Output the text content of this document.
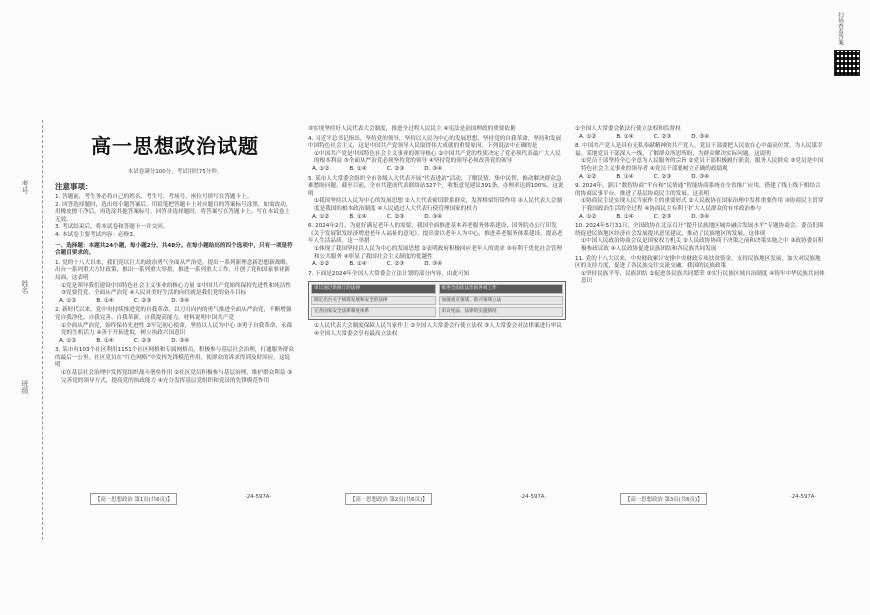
考号
姓名
班级
高一思想政治试题
本试卷满分100分，考试用时75分钟。
注意事项：

1. 答题前，考生务必将自己的姓名、考生号、考场号、座位号填写在答题卡上。

2. 回答选择题时，选出每小题答案后，用铅笔把答题卡上对应题目的答案标号涂黑。如需改动，用橡皮擦干净后，再选涂其他答案标号。回答非选择题时，将答案写在答题卡上。写在本试卷上无效。

3. 考试结束后，将本试卷和答题卡一并交回。

4. 本试卷主要考试内容：必修3。

一、选择题：本题共24小题，每小题2分，共48分。在每小题给出的四个选项中，只有一项是符合题目要求的。

1. 党的十八大以来，我们党以巨大的政治勇气全面从严治党，提出一系列新理念新思想新战略，出台一系列重大方针政策，推出一系列重大举措，推进一系列重大工作，开创了党和国家事业新局面。这表明

①党是领导我们建设中国特色社会主义事业的核心力量 ②中国共产党始终保持先进性和纯洁性 ③党要管党、全面从严治党 ④人民对美好生活的向往就是我们党的奋斗目标

A. ①②	B. ①④	C. ②③	D. ③④

2. 新时代以来，党中央持续推进党的自我革命，以刀刃向内的勇气推进全面从严治党，不断增强党自我净化、自我完善、自我革新、自我提高能力。材料说明中国共产党

①全面从严治党，始终保持先进性 ②牢记初心使命，坚持以人民为中心 ③勇于自我革命，永葆党的生机活力 ④善于开拓进取，树立执政兴国意识

A. ①②	B. ①④	C. ②③	D. ③④

3. 某市有103个社区利用1151个社区网格和专属网格员，积极参与基层社会治理，打通服务群众的最后一公里。社区党员在“红色网格”中发挥先锋模范作用，使群众的诉求得到及时回应。这说明

①在基层社会治理中发挥党组织战斗堡垒作用 ②社区党员积极参与基层治理，维护群众利益 ③完善党的领导方式，提高党的执政能力 ④充分发挥基层党组织和党员的先锋模范作用

③实现坚持好人民代表大会制度，推进全过程人民民主 ④宪法是治国理政的重要依据

4. 习近平总书记指出，坚持党的领导，坚持以人民为中心的发展思想，坚持党的自我革命，坚持和发展中国特色社会主义，这是中国共产党领导人民取得伟大成就的重要原因。下列说法中正确的是

①中国共产党是中国特色社会主义事业的领导核心 ②中国共产党的性质决定了党必须代表最广大人民的根本利益 ③全面从严治党必须坚持党的领导 ④坚持党的领导必须改善党的领导

A. ①②	B. ①④	C. ②③	D. ③④

5. 某市人大常委会组织全市各级人大代表开展“代表进站”活动，了解民情、集中民智，推动解决群众急难愁盼问题。截至目前，全市共建成代表联络站327个，收集意见建议391条，办理率达到100%。这说明

①我国坚持以人民为中心的发展思想 ②人大代表密切联系群众，发挥桥梁纽带作用 ③人民代表大会制度是我国的根本政治制度 ④人民通过人大代表行使管理国家的权力

A. ①②	B. ①④	C. ②③	D. ③④

6. 2024年2月，为更好满足老年人的需要，我国全面推进基本养老服务体系建设，国务院办公厅印发《关于发展银发经济增进老年人福祉的意见》，提出要以老年人为中心，推进养老服务体系建设，提高老年人生活品质。这一举措

①体现了我国坚持以人民为中心的发展思想 ②表明政府积极回应老年人的需求 ③有利于优化社会管理和公共服务 ④彰显了我国社会主义制度的优越性

A. ①②	B. ①④	C. ②③	D. ③④

7. 下面是2024年全国人大常委会立法计划的部分内容，由此可知

审议通过新修订的法律
制定出台关于统筹发展和安全的法律
完善国家安全法律制度体系
推进全面依法治国各项工作
加强重点领域、新兴领域立法
审议宪法、法律的实施情况

①人民代表大会制度保障人民当家作主 ②全国人大常委会行使立法权 ③人大常委会对法律案进行审议 ④全国人大常委会享有最高立法权

①全国人大常委会依法行使立法权和监督权

A. ①②	B. ①④	C. ②③	D. ③④

8. 中国共产党人是具有无私奉献精神的共产党人。党员干部要把人民放在心中最高位置，为人民谋幸福。某地党员干部深入一线，了解群众所思所盼，为群众解决实际问题。这说明

①党员干部坚持全心全意为人民服务的宗旨 ②党员干部积极履行职责，服务人民群众 ③党员是中国特色社会主义事业的领导者 ④党员干部要树立正确的政绩观

A. ①②	B. ①④	C. ②③	D. ③④

9. 2024年，浙江“数智协商”平台和“民情通”智能协商系统在全省推广应用，搭建了线上线下相结合的协商议事平台，推进了基层协商民主的发展。这表明

①协商民主是实现人民当家作主的重要形式 ②人民政协在国家治理中发挥重要作用 ③协商民主贯穿于我国政治生活的全过程 ④协商民主有利于扩大人民群众的有序政治参与

A. ①②	B. ①④	C. ②③	D. ③④

10. 2024年5月31日，全国政协在北京召开“提升民族地区城乡融合发展水平”专题协商会。委员们围绕促进民族地区经济社会发展提出意见建议，推动了民族地区的发展。这体现

①中国人民政治协商会议是国家权力机关 ②人民政协协商于决策之前和决策实施之中 ③政协委员积极参政议政 ④人民政协促进民族团结和各民族共同发展

11. 党的十八大以来，中央财政累计安排中央财政专项扶贫资金，支持民族地区发展，加大对民族地区的支持力度，促进了各民族交往交流交融。我国的民族政策

①坚持民族平等、民族团结 ②促进各民族共同繁荣 ③实行民族区域自治制度 ④铸牢中华民族共同体意识

【高一思想政治 第1页(共6页)】	·24-597A·	【高一思想政治 第2页(共6页)】	·24-597A·	【高一思想政治 第3页(共6页)】	·24-597A·
扫码查看答案
